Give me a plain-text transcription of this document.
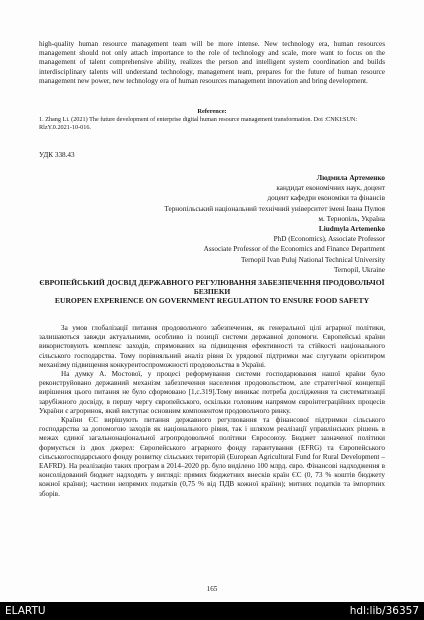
high-quality human resource management team will be more intense. New technology era, human resources management should not only attach importance to the role of technology and scale, more want to focus on the management of talent comprehensive ability, realizes the person and intelligent system coordination and builds interdisciplinary talents will understand technology, management team, prepares for the future of human resource management new power, new technology era of human resources management innovation and bring development.

Reference:
1. Zhang Li. (2021) The future development of enterprise digital human resource management transformation. Doi :CNKI:SUN: RlzY.0.2021-10-016.
УДК 338.43
Людмила Артеменко
кандидат економічних наук, доцент
доцент кафедри економіки та фінансів
Тернопільський національний технічний університет імені Івана Пулюя
м. Тернопіль, Україна
Liudmyla Artemenko
PhD (Economics), Associate Professor
Associate Professor of the Economics and Finance Department
Ternopil Ivan Puluj National Technical University
Ternopil, Ukraine
ЄВРОПЕЙСЬКИЙ ДОСВІД ДЕРЖАВНОГО РЕГУЛЮВАННЯ ЗАБЕЗПЕЧЕННЯ ПРОДОВОЛЬЧОЇ БЕЗПЕКИ
EUROPEN EXPERIENCE ON GOVERNMENT REGULATION TO ENSURE FOOD SAFETY

За умов глобалізації питання продовольчого забезпечення, як генеральної цілі аграрної політики, залишаються завжди актуальними, особливо із позиції системи державної допомоги. Європейські країни використовують комплекс заходів, спрямованих на підвищення ефективності та стійкості національного сільського господарства. Тому порівняльний аналіз рівня їх урядової підтримки має слугувати орієнтиром механізму підвищення конкурентоспроможності продовольства в Україні.

На думку А. Мостової, у процесі реформування системи господарювання нашої країни було реконструйовано державний механізм забезпечення населення продовольством, але стратегічної концепції вирішення цього питання не було сформовано [1,с.319].Тому виникає потреба дослідження та систематизації зарубіжного досвіду, в першу чергу європейського, оскільки головним напрямом євроінтеграційних процесів України є агроринок, який виступає основним компонентом продовольчого ринку.

Країни ЄС вирішують питання державного регулювання та фінансової підтримки сільського господарства за допомогою заходів як національного рівня, так і шляхом реалізації управлінських рішень в межах єдиної загальнонаціональної агропродовольчої політики Євросоюзу. Бюджет зазначеної політики формується із двох джерел: Європейського аграрного фонду гарантування (EFRG) та Європейського сільськогосподарського фонду розвитку сільських територій (European Agricultural Fund for Rural Development – EAFRD). На реалізацію таких програм в 2014–2020 рр. було виділено 100 млрд. євро. Фінансові надходження в консолідований бюджет надходять у вигляді: прямих бюджетних внесків країн ЄС (0, 73 % коштів бюджету кожної країни); частини непрямих податків (0,75 % від ПДВ кожної країни); митних податків та імпортних зборів.

165
ELARTU	hdl:lib/36357
